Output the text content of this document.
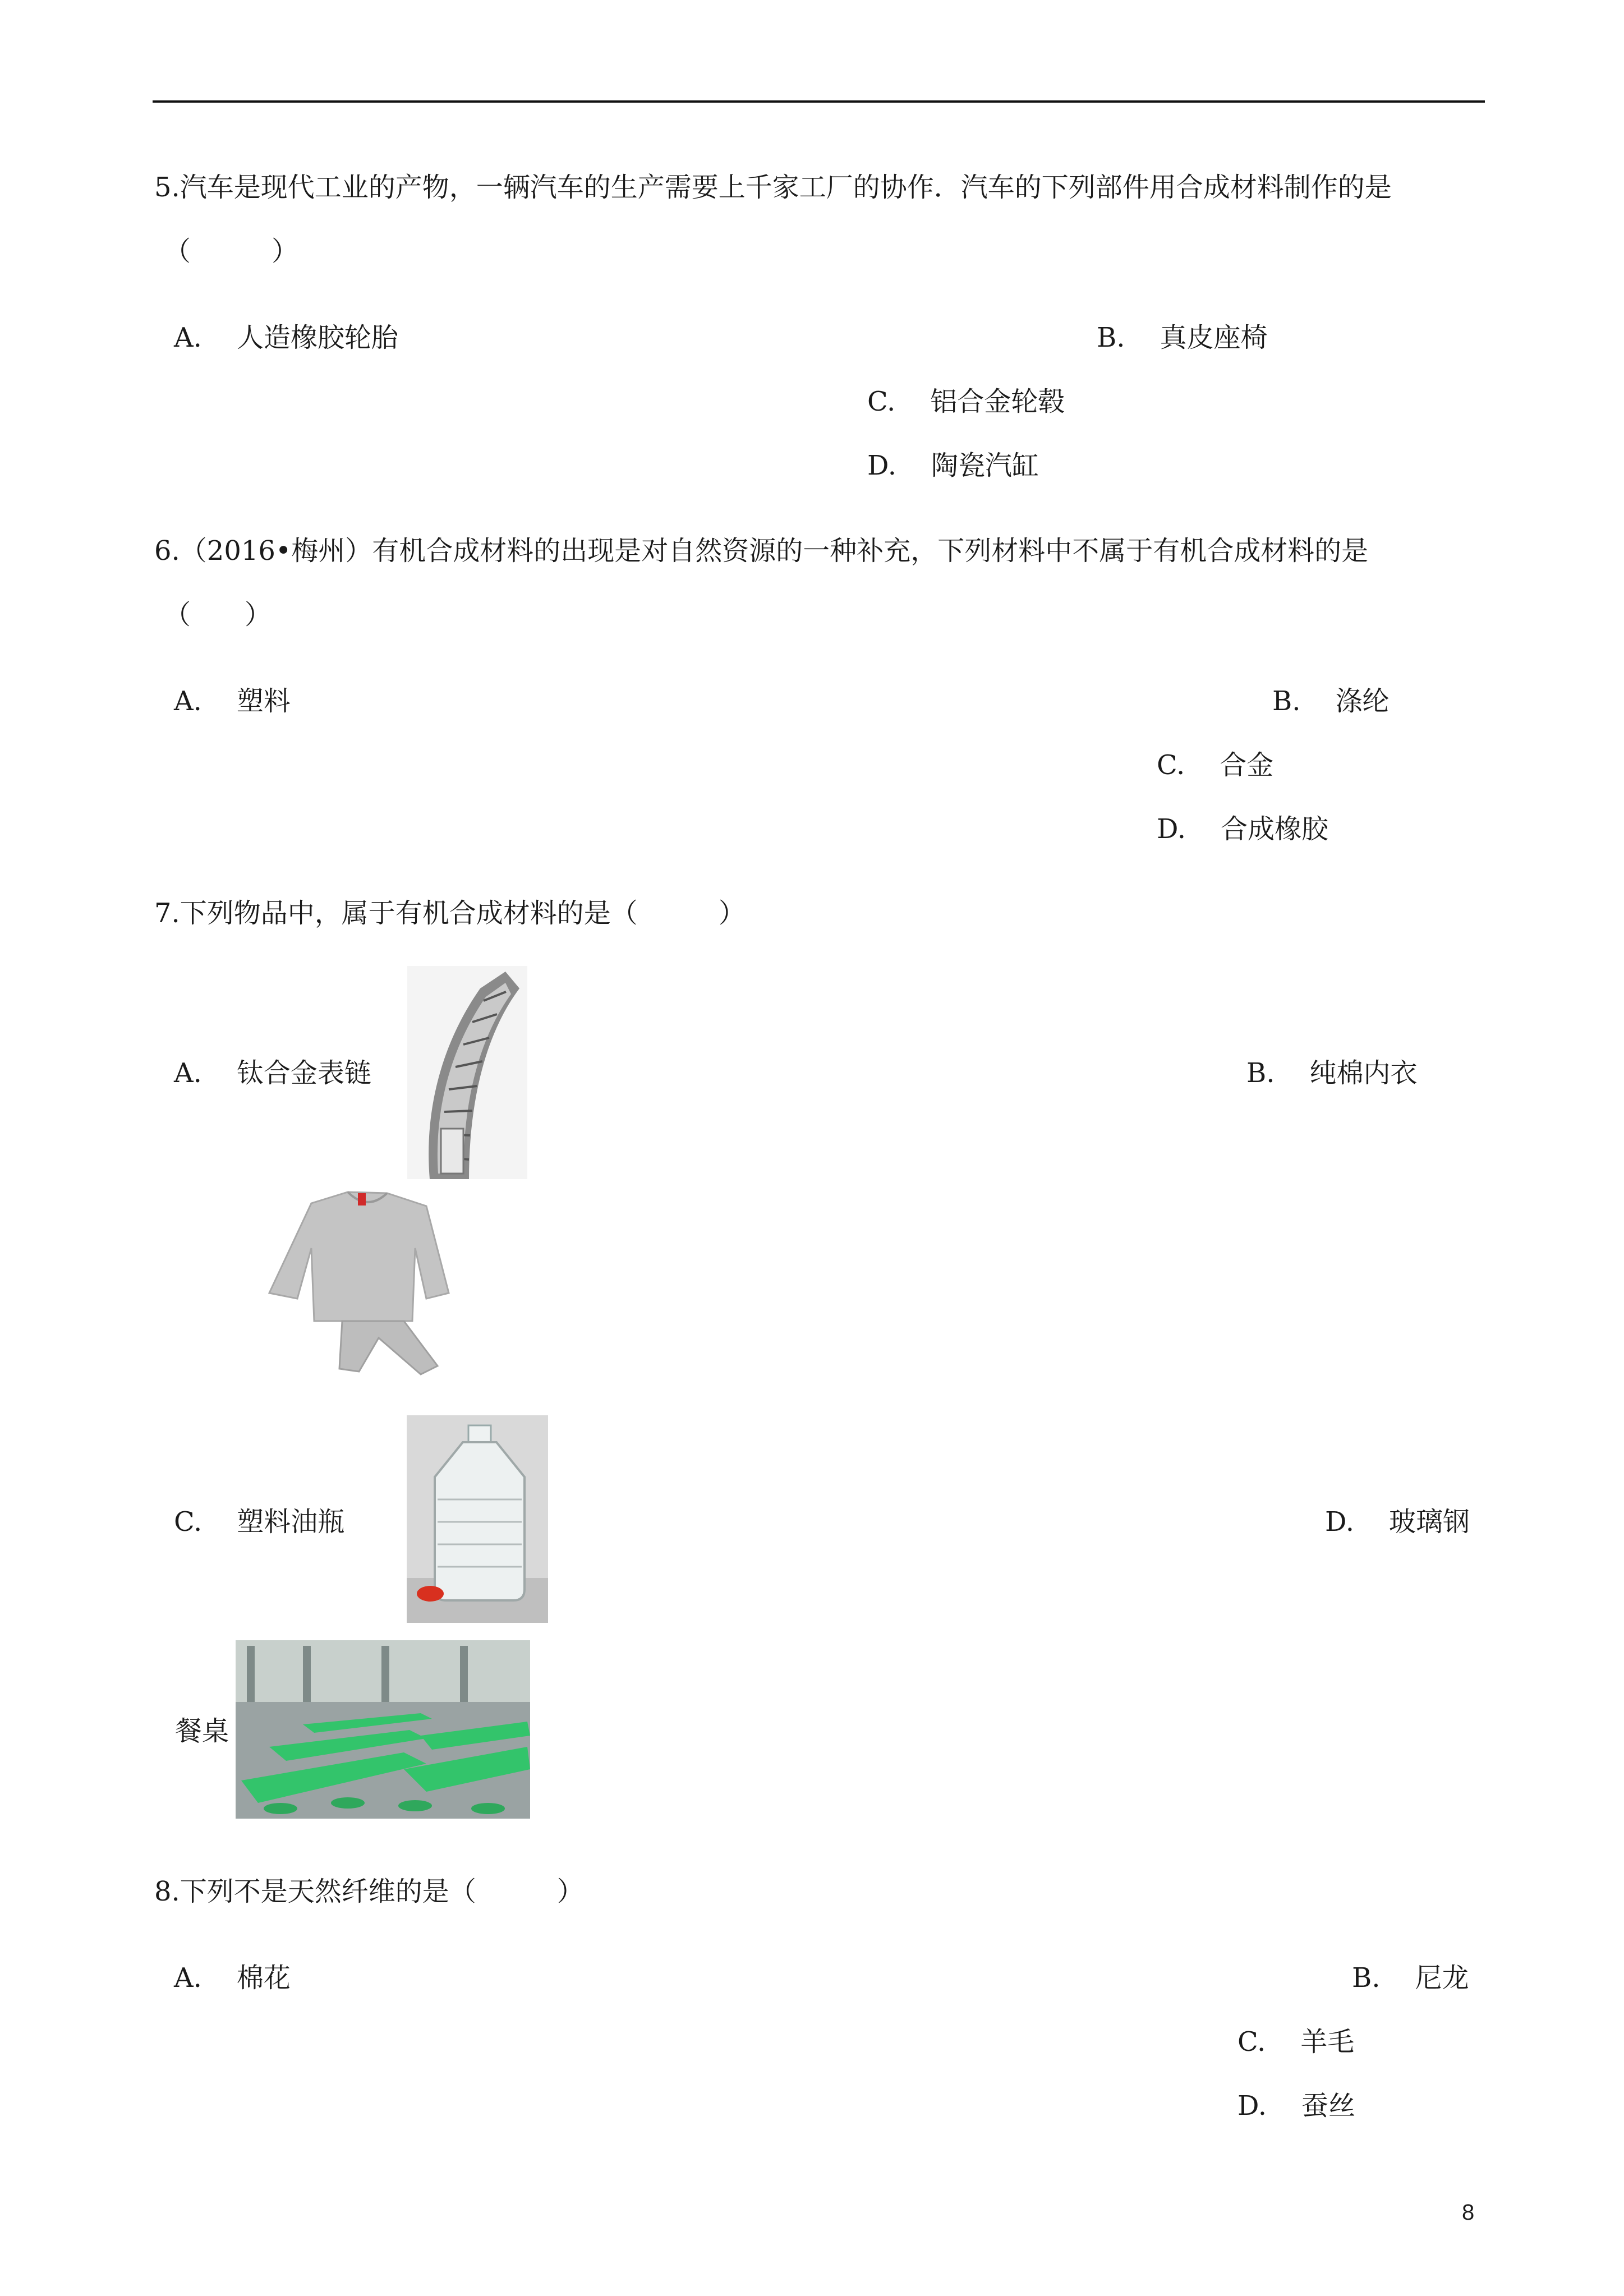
5.汽车是现代工业的产物，一辆汽车的生产需要上千家工厂的协作．汽车的下列部件用合成材料制作的是
（　　　）
A. 人造橡胶轮胎	B. 真皮座椅
C. 铝合金轮毂
D. 陶瓷汽缸
6.（2016•梅州）有机合成材料的出现是对自然资源的一种补充，下列材料中不属于有机合成材料的是
（　　）
A. 塑料	B. 涤纶
C. 合金
D. 合成橡胶
7.下列物品中，属于有机合成材料的是（　　　）
A. 钛合金表链	B. 纯棉内衣
C. 塑料油瓶	D. 玻璃钢
餐桌
8.下列不是天然纤维的是（　　　）
A. 棉花	B. 尼龙
C. 羊毛
D. 蚕丝
8
